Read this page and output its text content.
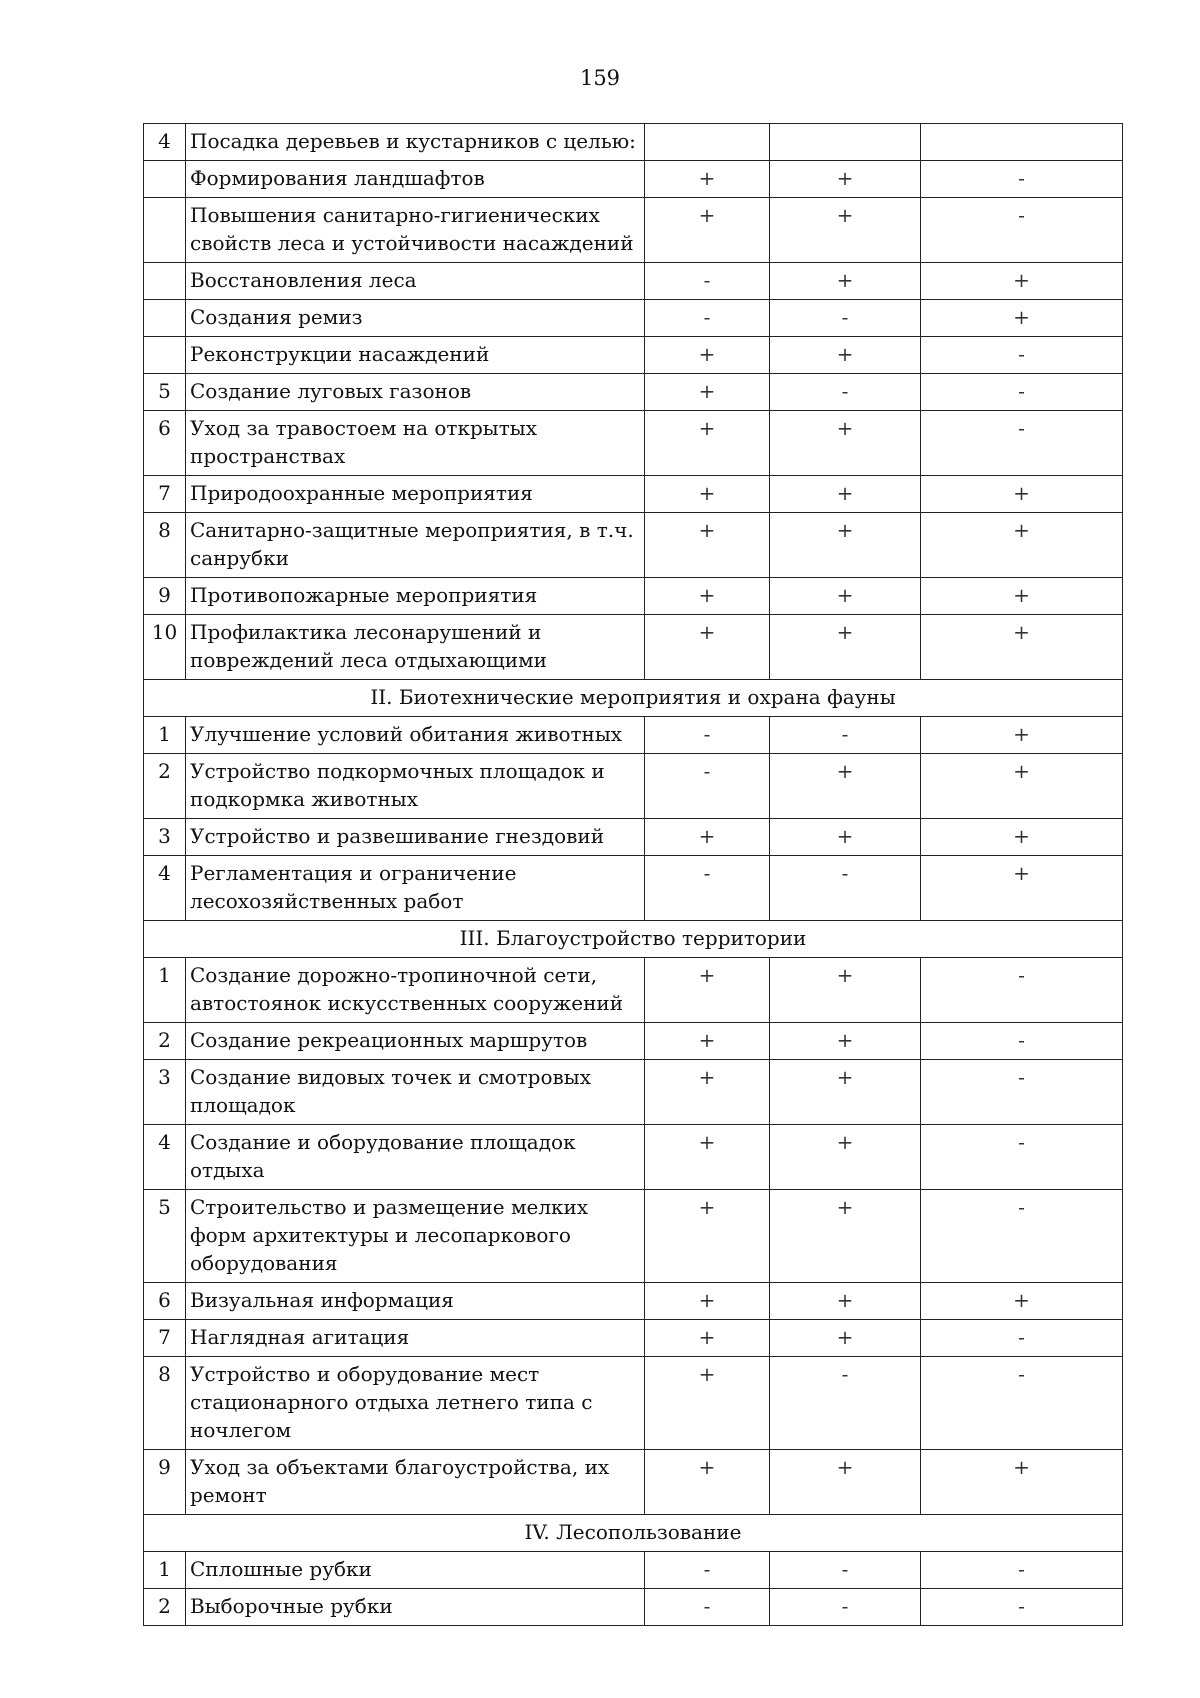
159
4	Посадка деревьев и кустарников с целью:			
	Формирования ландшафтов	+	+	-
	Повышения санитарно-гигиенических свойств леса и устойчивости насаждений	+	+	-
	Восстановления леса	-	+	+
	Создания ремиз	-	-	+
	Реконструкции насаждений	+	+	-
5	Создание луговых газонов	+	-	-
6	Уход за травостоем на открытых пространствах	+	+	-
7	Природоохранные мероприятия	+	+	+
8	Санитарно-защитные мероприятия, в т.ч. санрубки	+	+	+
9	Противопожарные мероприятия	+	+	+
10	Профилактика лесонарушений и повреждений леса отдыхающими	+	+	+
II. Биотехнические мероприятия и охрана фауны				
1	Улучшение условий обитания животных	-	-	+
2	Устройство подкормочных площадок и подкормка животных	-	+	+
3	Устройство и развешивание гнездовий	+	+	+
4	Регламентация и ограничение лесохозяйственных работ	-	-	+
III. Благоустройство территории				
1	Создание дорожно-тропиночной сети, автостоянок искусственных сооружений	+	+	-
2	Создание рекреационных маршрутов	+	+	-
3	Создание видовых точек и смотровых площадок	+	+	-
4	Создание и оборудование площадок отдыха	+	+	-
5	Строительство и размещение мелких форм архитектуры и лесопаркового оборудования	+	+	-
6	Визуальная информация	+	+	+
7	Наглядная агитация	+	+	-
8	Устройство и оборудование мест стационарного отдыха летнего типа с ночлегом	+	-	-
9	Уход за объектами благоустройства, их ремонт	+	+	+
IV. Лесопользование				
1	Сплошные рубки	-	-	-
2	Выборочные рубки	-	-	-
